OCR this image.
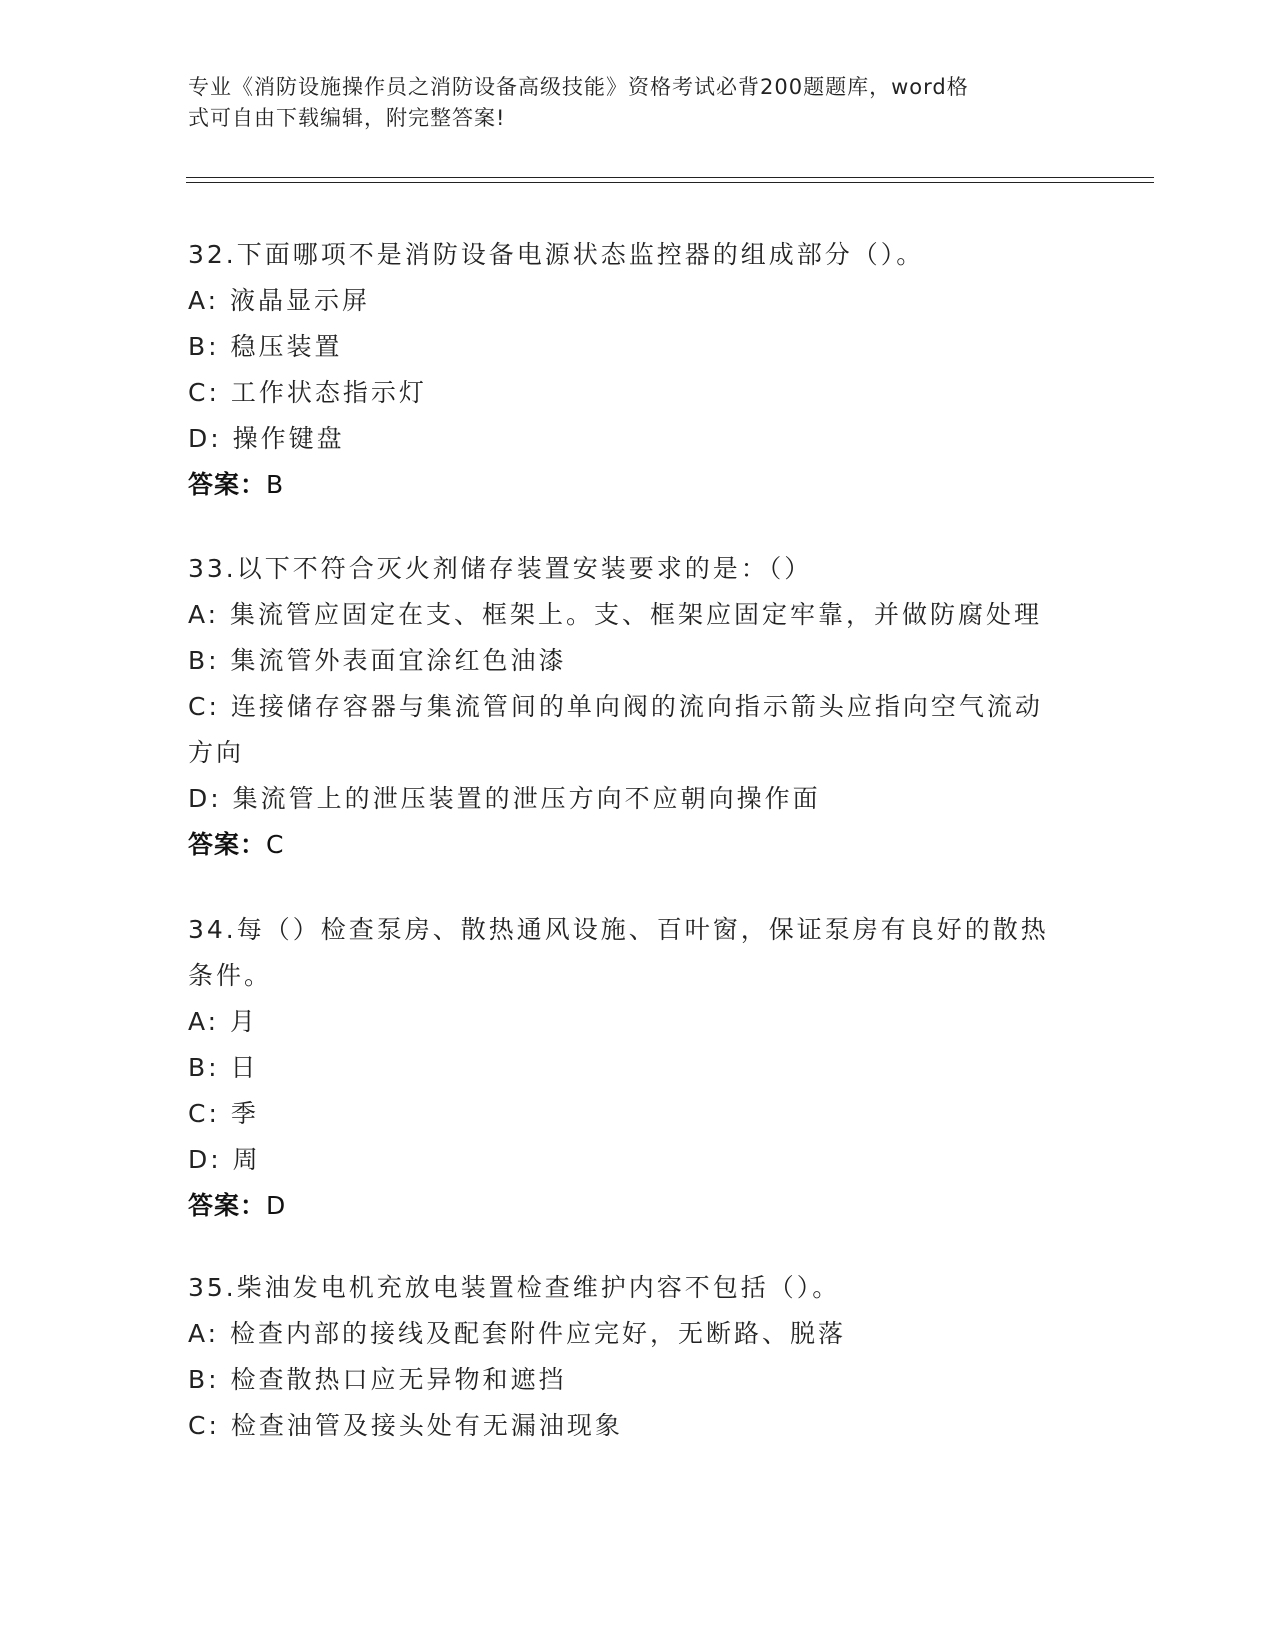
专业《消防设施操作员之消防设备高级技能》资格考试必背200题题库，word格
式可自由下载编辑，附完整答案!
32.下面哪项不是消防设备电源状态监控器的组成部分（）。
A: 液晶显示屏
B: 稳压装置
C: 工作状态指示灯
D: 操作键盘
答案：B
33.以下不符合灭火剂储存装置安装要求的是：（）
A: 集流管应固定在支、框架上。支、框架应固定牢靠，并做防腐处理
B: 集流管外表面宜涂红色油漆
C: 连接储存容器与集流管间的单向阀的流向指示箭头应指向空气流动方向
D: 集流管上的泄压装置的泄压方向不应朝向操作面
答案：C
34.每（）检查泵房、散热通风设施、百叶窗，保证泵房有良好的散热条件。
A: 月
B: 日
C: 季
D: 周
答案：D
35.柴油发电机充放电装置检查维护内容不包括（）。
A: 检查内部的接线及配套附件应完好，无断路、脱落
B: 检查散热口应无异物和遮挡
C: 检查油管及接头处有无漏油现象
